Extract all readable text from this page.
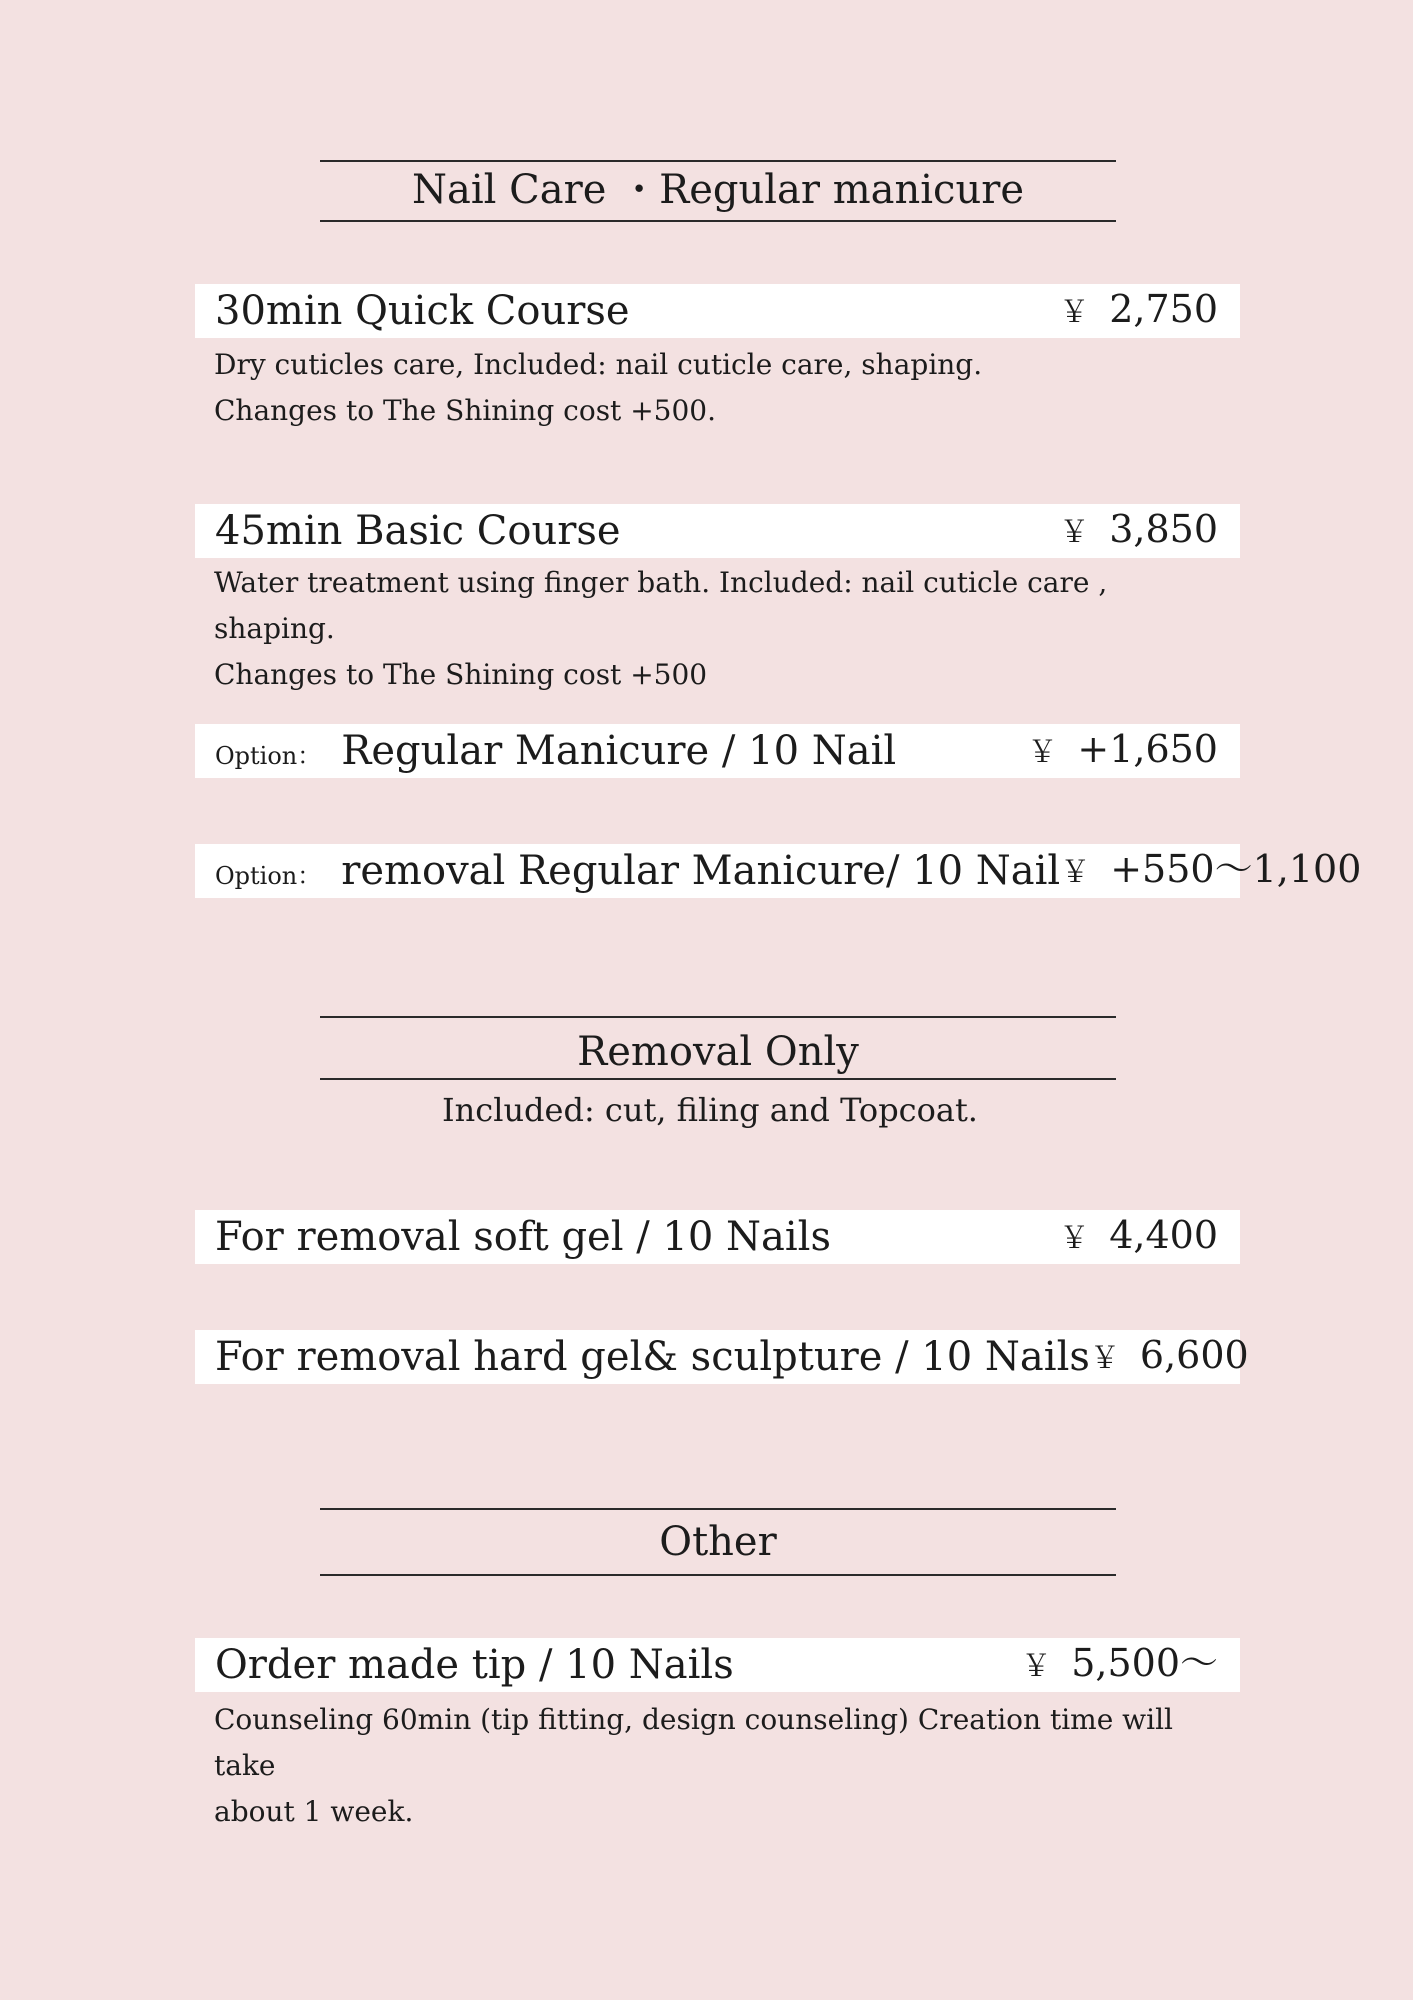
Nail Care ・Regular manicure
30min Quick Course	￥ 2,750
Dry cuticles care, Included: nail cuticle care, shaping.
Changes to The Shining cost +500.
45min Basic Course	￥ 3,850
Water treatment using finger bath. Included: nail cuticle care , shaping.
Changes to The Shining cost +500
Option： Regular Manicure / 10 Nail	￥ +1,650
Option： removal Regular Manicure/ 10 Nail ￥ +550〜1,100
Removal Only
Included: cut, filing and Topcoat.
For removal soft gel / 10 Nails	￥ 4,400
For removal hard gel& sculpture / 10 Nails ￥ 6,600
Other
Order made tip / 10 Nails	￥ 5,500〜
Counseling 60min (tip fitting, design counseling) Creation time will take
about 1 week.
